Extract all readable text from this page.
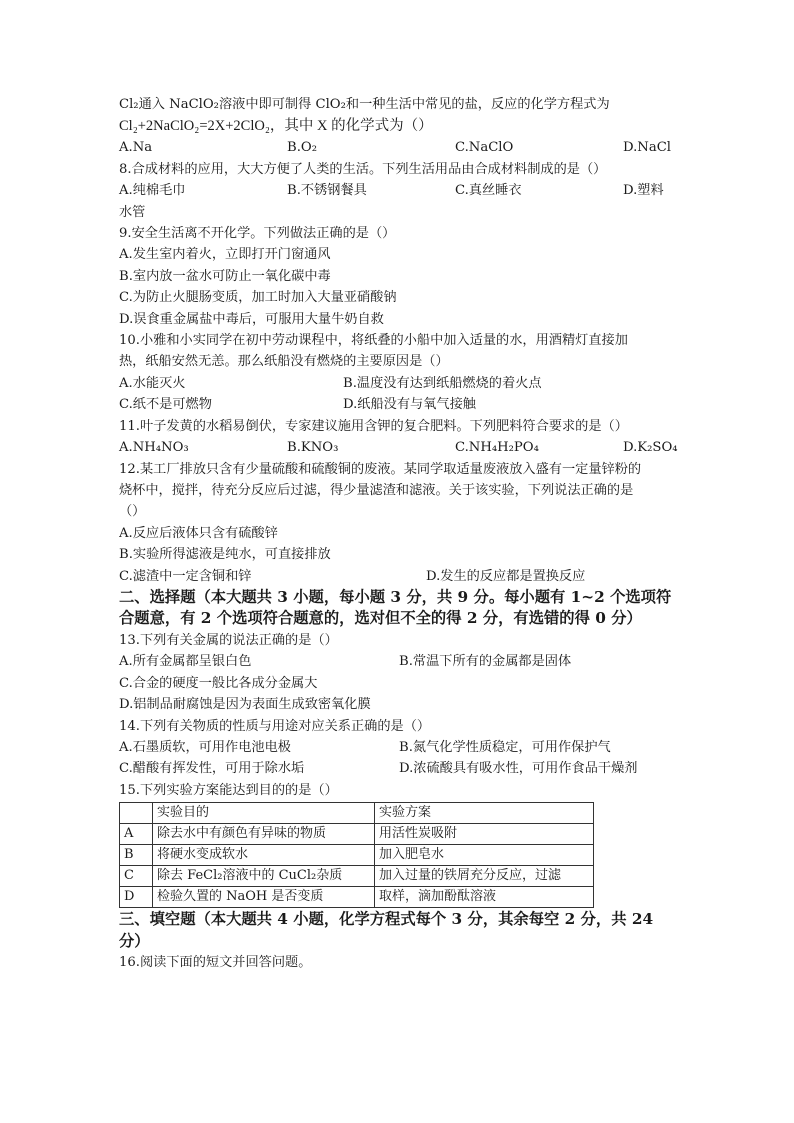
Cl₂通入 NaClO₂溶液中即可制得 ClO₂和一种生活中常见的盐，反应的化学方程式为
Cl₂+2NaClO₂=2X+2ClO₂，其中 X 的化学式为（）
A.Na	B.O₂	C.NaClO	D.NaCl
8.合成材料的应用，大大方便了人类的生活。下列生活用品由合成材料制成的是（）
A.纯棉毛巾	B.不锈钢餐具	C.真丝睡衣	D.塑料
水管
9.安全生活离不开化学。下列做法正确的是（）
A.发生室内着火，立即打开门窗通风
B.室内放一盆水可防止一氧化碳中毒
C.为防止火腿肠变质，加工时加入大量亚硝酸钠
D.误食重金属盐中毒后，可服用大量牛奶自救
10.小雅和小实同学在初中劳动课程中，将纸叠的小船中加入适量的水，用酒精灯直接加
热，纸船安然无恙。那么纸船没有燃烧的主要原因是（）
A.水能灭火	B.温度没有达到纸船燃烧的着火点
C.纸不是可燃物	D.纸船没有与氧气接触
11.叶子发黄的水稻易倒伏，专家建议施用含钾的复合肥料。下列肥料符合要求的是（）
A.NH₄NO₃	B.KNO₃	C.NH₄H₂PO₄	D.K₂SO₄
12.某工厂排放只含有少量硫酸和硫酸铜的废液。某同学取适量废液放入盛有一定量锌粉的
烧杯中，搅拌，待充分反应后过滤，得少量滤渣和滤液。关于该实验，下列说法正确的是
（）
A.反应后液体只含有硫酸锌
B.实验所得滤液是纯水，可直接排放
C.滤渣中一定含铜和锌	D.发生的反应都是置换反应
二、选择题（本大题共 3 小题，每小题 3 分，共 9 分。每小题有 1~2 个选项符
合题意，有 2 个选项符合题意的，选对但不全的得 2 分，有选错的得 0 分）
13.下列有关金属的说法正确的是（）
A.所有金属都呈银白色	B.常温下所有的金属都是固体
C.合金的硬度一般比各成分金属大
D.铝制品耐腐蚀是因为表面生成致密氧化膜
14.下列有关物质的性质与用途对应关系正确的是（）
A.石墨质软，可用作电池电极	B.氮气化学性质稳定，可用作保护气
C.醋酸有挥发性，可用于除水垢	D.浓硫酸具有吸水性，可用作食品干燥剂
15.下列实验方案能达到目的的是（）
	实验目的	实验方案
A	除去水中有颜色有异味的物质	用活性炭吸附
B	将硬水变成软水	加入肥皂水
C	除去 FeCl₂溶液中的 CuCl₂杂质	加入过量的铁屑充分反应，过滤
D	检验久置的 NaOH 是否变质	取样，滴加酚酞溶液
三、填空题（本大题共 4 小题，化学方程式每个 3 分，其余每空 2 分，共 24
分）
16.阅读下面的短文并回答问题。
